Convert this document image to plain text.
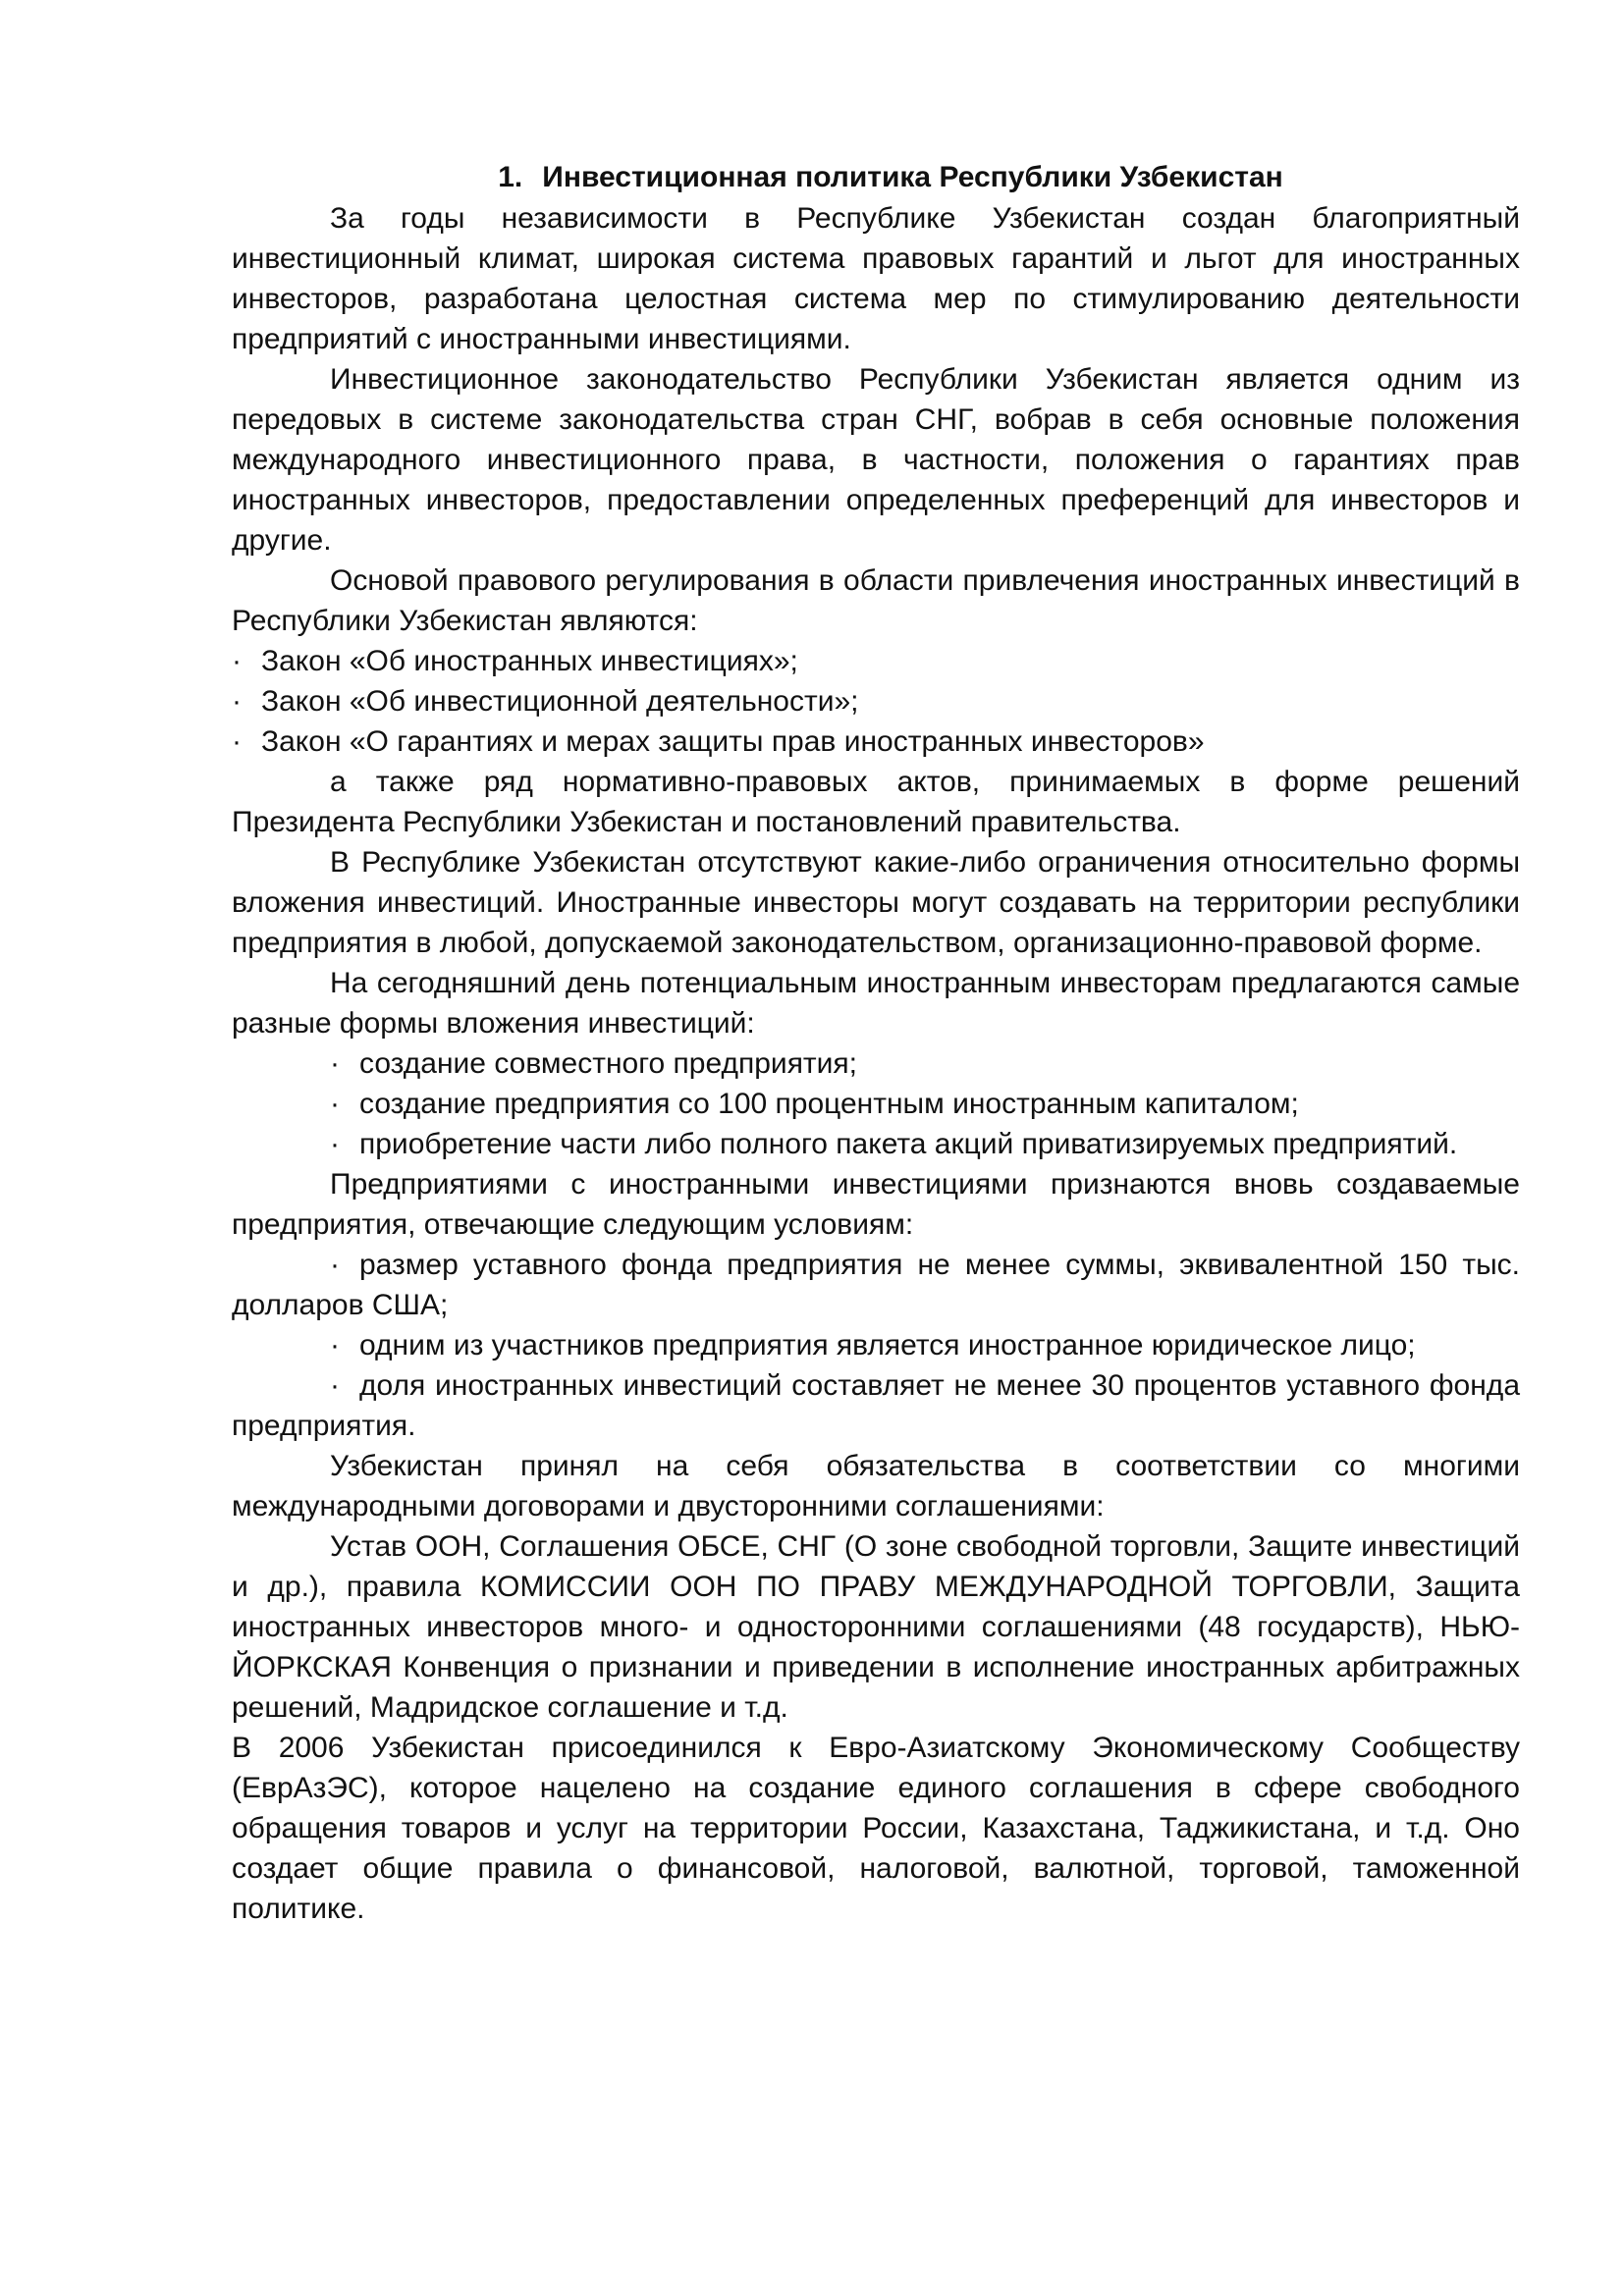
1. Инвестиционная политика Республики Узбекистан

За годы независимости в Республике Узбекистан создан благоприятный инвестиционный климат, широкая система правовых гарантий и льгот для иностранных инвесторов, разработана целостная система мер по стимулированию деятельности предприятий с иностранными инвестициями.

Инвестиционное законодательство Республики Узбекистан является одним из передовых в системе законодательства стран СНГ, вобрав в себя основные положения международного инвестиционного права, в частности, положения о гарантиях прав иностранных инвесторов, предоставлении определенных преференций для инвесторов и другие.

Основой правового регулирования в области привлечения иностранных инвестиций в Республики Узбекистан являются:

· Закон «Об иностранных инвестициях»;

· Закон «Об инвестиционной деятельности»;

· Закон «О гарантиях и мерах защиты прав иностранных инвесторов»

а также ряд нормативно-правовых актов, принимаемых в форме решений Президента Республики Узбекистан и постановлений правительства.

В Республике Узбекистан отсутствуют какие-либо ограничения относительно формы вложения инвестиций. Иностранные инвесторы могут создавать на территории республики предприятия в любой, допускаемой законодательством, организационно-правовой форме.

На сегодняшний день потенциальным иностранным инвесторам предлагаются самые разные формы вложения инвестиций:

· создание совместного предприятия;

· создание предприятия со 100 процентным иностранным капиталом;

· приобретение части либо полного пакета акций приватизируемых предприятий.

Предприятиями с иностранными инвестициями признаются вновь создаваемые предприятия, отвечающие следующим условиям:

· размер уставного фонда предприятия не менее суммы, эквивалентной 150 тыс. долларов США;

· одним из участников предприятия является иностранное юридическое лицо;

· доля иностранных инвестиций составляет не менее 30 процентов уставного фонда предприятия.

Узбекистан принял на себя обязательства в соответствии со многими международными договорами и двусторонними соглашениями:

Устав ООН, Соглашения ОБСЕ, СНГ (О зоне свободной торговли, Защите инвестиций и др.), правила КОМИССИИ ООН ПО ПРАВУ МЕЖДУНАРОДНОЙ ТОРГОВЛИ, Защита иностранных инвесторов много- и односторонними соглашениями (48 государств), НЬЮ-ЙОРКСКАЯ Конвенция о признании и приведении в исполнение иностранных арбитражных решений, Мадридское соглашение и т.д.

В 2006 Узбекистан присоединился к Евро-Азиатскому Экономическому Сообществу (ЕврАзЭС), которое нацелено на создание единого соглашения в сфере свободного обращения товаров и услуг на территории России, Казахстана, Таджикистана, и т.д. Оно создает общие правила о финансовой, налоговой, валютной, торговой, таможенной политике.
